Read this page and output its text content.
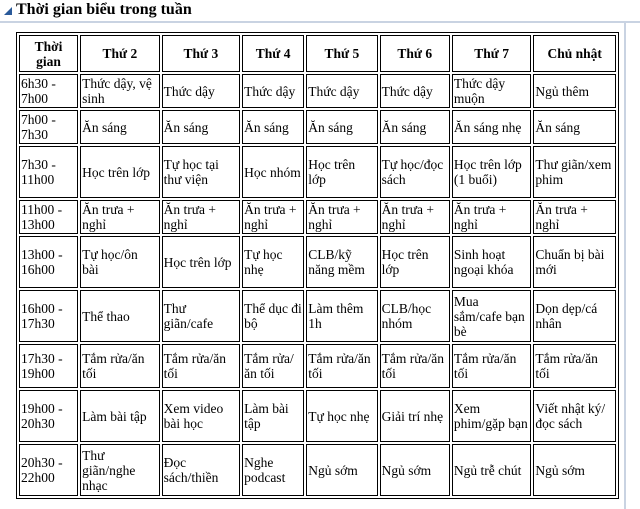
Thời gian biểu trong tuần
Thời gian	Thứ 2	Thứ 3	Thứ 4	Thứ 5	Thứ 6	Thứ 7	Chủ nhật
6h30 - 7h00	Thức dậy, vệ sinh	Thức dậy	Thức dậy	Thức dậy	Thức dậy	Thức dậy muộn	Ngủ thêm
7h00 - 7h30	Ăn sáng	Ăn sáng	Ăn sáng	Ăn sáng	Ăn sáng	Ăn sáng nhẹ	Ăn sáng
7h30 - 11h00	Học trên lớp	Tự học tại thư viện	Học nhóm	Học trên lớp	Tự học/đọc sách	Học trên lớp (1 buổi)	Thư giãn/xem phim
11h00 - 13h00	Ăn trưa + nghỉ	Ăn trưa + nghỉ	Ăn trưa + nghỉ	Ăn trưa + nghỉ	Ăn trưa + nghỉ	Ăn trưa + nghỉ	Ăn trưa + nghỉ
13h00 - 16h00	Tự học/ôn bài	Học trên lớp	Tự học nhẹ	CLB/kỹ năng mềm	Học trên lớp	Sinh hoạt ngoại khóa	Chuẩn bị bài mới
16h00 - 17h30	Thể thao	Thư giãn/cafe	Thể dục đi bộ	Làm thêm 1h	CLB/học nhóm	Mua sắm/cafe bạn bè	Dọn dẹp/cá nhân
17h30 - 19h00	Tắm rửa/ăn tối	Tắm rửa/ăn tối	Tắm rửa/ăn tối	Tắm rửa/ăn tối	Tắm rửa/ăn tối	Tắm rửa/ăn tối	Tắm rửa/ăn tối
19h00 - 20h30	Làm bài tập	Xem video bài học	Làm bài tập	Tự học nhẹ	Giải trí nhẹ	Xem phim/gặp bạn	Viết nhật ký/đọc sách
20h30 - 22h00	Thư giãn/nghe nhạc	Đọc sách/thiền	Nghe podcast	Ngủ sớm	Ngủ sớm	Ngủ trễ chút	Ngủ sớm
